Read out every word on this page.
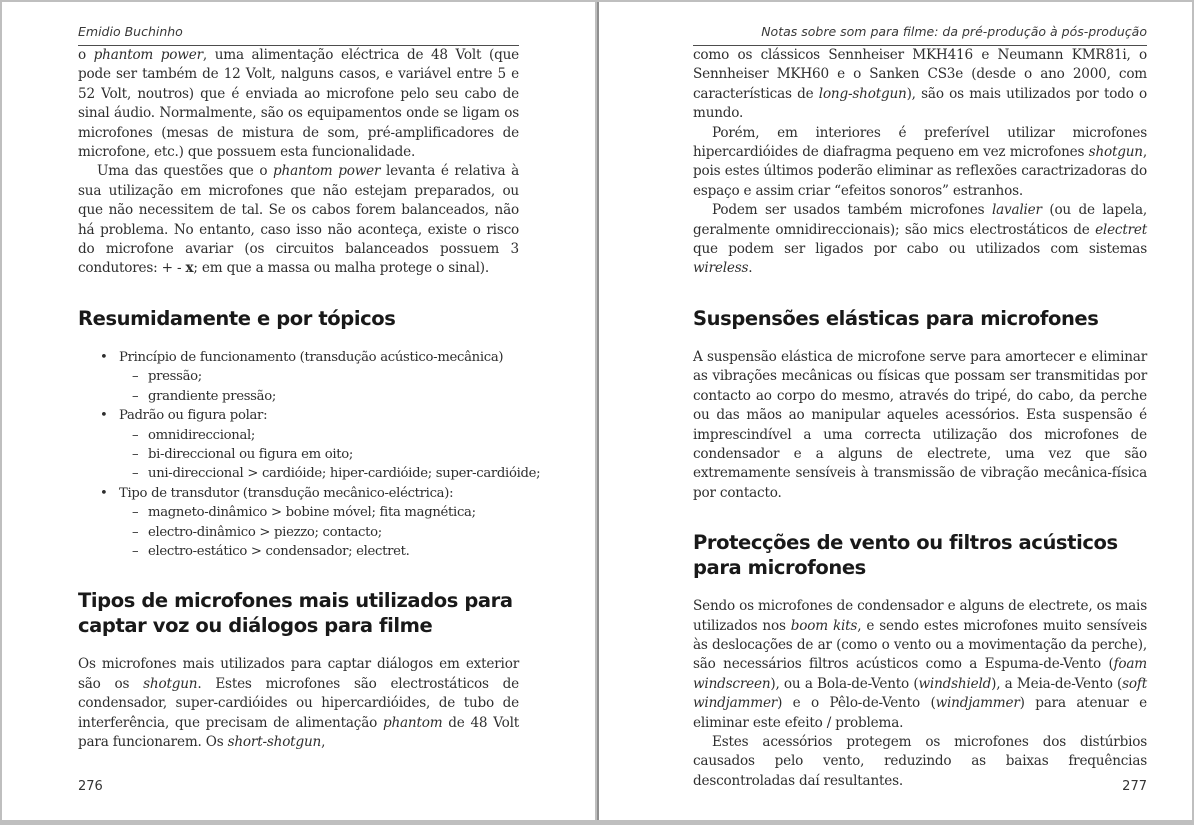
Emidio Buchinho

o phantom power, uma alimentação eléctrica de 48 Volt (que pode ser também de 12 Volt, nalguns casos, e variável entre 5 e 52 Volt, noutros) que é enviada ao microfone pelo seu cabo de sinal áudio. Normalmente, são os equipamentos onde se ligam os microfones (mesas de mistura de som, pré-amplificadores de microfone, etc.) que possuem esta funcionalidade.

Uma das questões que o phantom power levanta é relativa à sua utilização em microfones que não estejam preparados, ou que não necessitem de tal. Se os cabos forem balanceados, não há problema. No entanto, caso isso não aconteça, existe o risco do microfone avariar (os circuitos balanceados possuem 3 condutores: + - x; em que a massa ou malha protege o sinal).

Resumidamente e por tópicos
• Princípio de funcionamento (transdução acústico-mecânica)
– pressão;
– grandiente pressão;
• Padrão ou figura polar:
– omnidireccional;
– bi-direccional ou figura em oito;
– uni-direccional > cardióide; hiper-cardióide; super-cardióide;
• Tipo de transdutor (transdução mecânico-eléctrica):
– magneto-dinâmico > bobine móvel; fita magnética;
– electro-dinâmico > piezzo; contacto;
– electro-estático > condensador; electret.
Tipos de microfones mais utilizados para captar voz ou diálogos para filme

Os microfones mais utilizados para captar diálogos em exterior são os shotgun. Estes microfones são electrostáticos de condensador, super-cardióides ou hipercardióides, de tubo de interferência, que precisam de alimentação phantom de 48 Volt para funcionarem. Os short-shotgun,

276
Notas sobre som para filme: da pré-produção à pós-produção

como os clássicos Sennheiser MKH416 e Neumann KMR81i, o Sennheiser MKH60 e o Sanken CS3e (desde o ano 2000, com características de long-shotgun), são os mais utilizados por todo o mundo.

Porém, em interiores é preferível utilizar microfones hipercardióides de diafragma pequeno em vez microfones shotgun, pois estes últimos poderão eliminar as reflexões caractrizadoras do espaço e assim criar “efeitos sonoros” estranhos.

Podem ser usados também microfones lavalier (ou de lapela, geralmente omnidireccionais); são mics electrostáticos de electret que podem ser ligados por cabo ou utilizados com sistemas wireless.

Suspensões elásticas para microfones

A suspensão elástica de microfone serve para amortecer e eliminar as vibrações mecânicas ou físicas que possam ser transmitidas por contacto ao corpo do mesmo, através do tripé, do cabo, da perche ou das mãos ao manipular aqueles acessórios. Esta suspensão é imprescindível a uma correcta utilização dos microfones de condensador e a alguns de electrete, uma vez que são extremamente sensíveis à transmissão de vibração mecânica-física por contacto.

Protecções de vento ou filtros acústicos para microfones

Sendo os microfones de condensador e alguns de electrete, os mais utilizados nos boom kits, e sendo estes microfones muito sensíveis às deslocações de ar (como o vento ou a movimentação da perche), são necessários filtros acústicos como a Espuma-de-Vento (foam windscreen), ou a Bola-de-Vento (windshield), a Meia-de-Vento (soft windjammer) e o Pêlo-de-Vento (windjammer) para atenuar e eliminar este efeito / problema.

Estes acessórios protegem os microfones dos distúrbios causados pelo vento, reduzindo as baixas frequências descontroladas daí resultantes.	277
